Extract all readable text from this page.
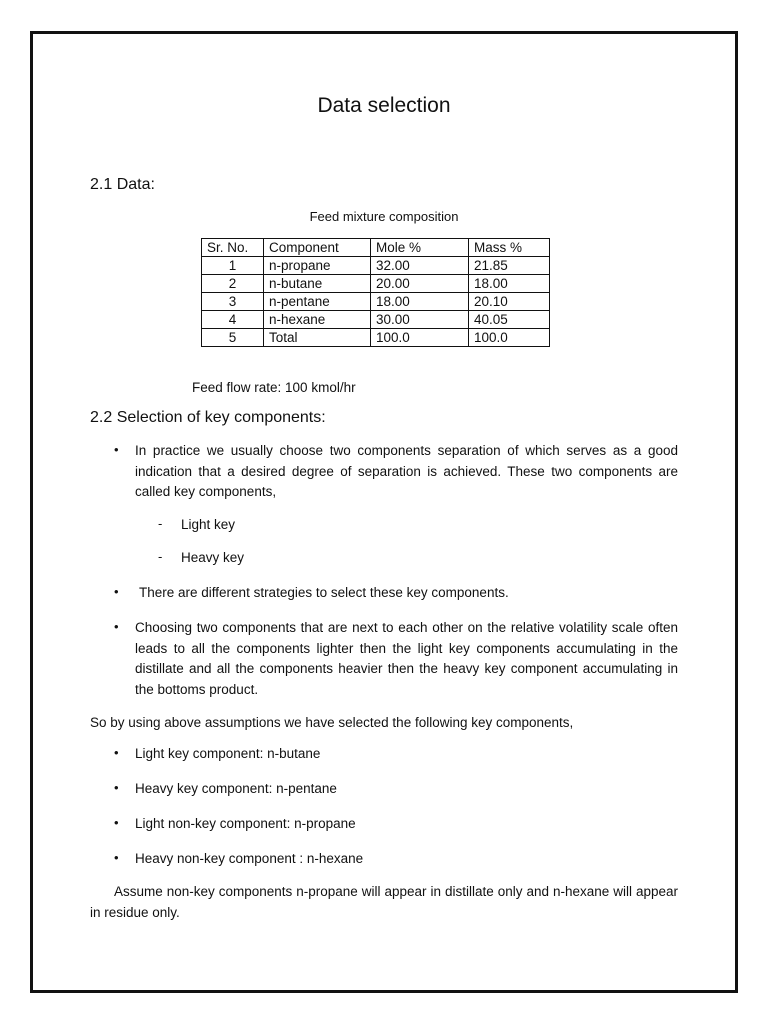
Data selection
2.1 Data:
Feed mixture composition
Sr. No.	Component	Mole %	Mass %
1	n-propane	32.00	21.85
2	n-butane	20.00	18.00
3	n-pentane	18.00	20.10
4	n-hexane	30.00	40.05
5	Total	100.0	100.0
Feed flow rate: 100 kmol/hr
2.2 Selection of key components:
• In practice we usually choose two components separation of which serves as a good indication that a desired degree of separation is achieved. These two components are called key components,
- Light key
- Heavy key
• There are different strategies to select these key components.
• Choosing two components that are next to each other on the relative volatility scale often leads to all the components lighter then the light key components accumulating in the distillate and all the components heavier then the heavy key component accumulating in the bottoms product.
So by using above assumptions we have selected the following key components,
• Light key component: n-butane
• Heavy key component: n-pentane
• Light non-key component: n-propane
• Heavy non-key component : n-hexane
Assume non-key components n-propane will appear in distillate only and n-hexane will appear in residue only.
